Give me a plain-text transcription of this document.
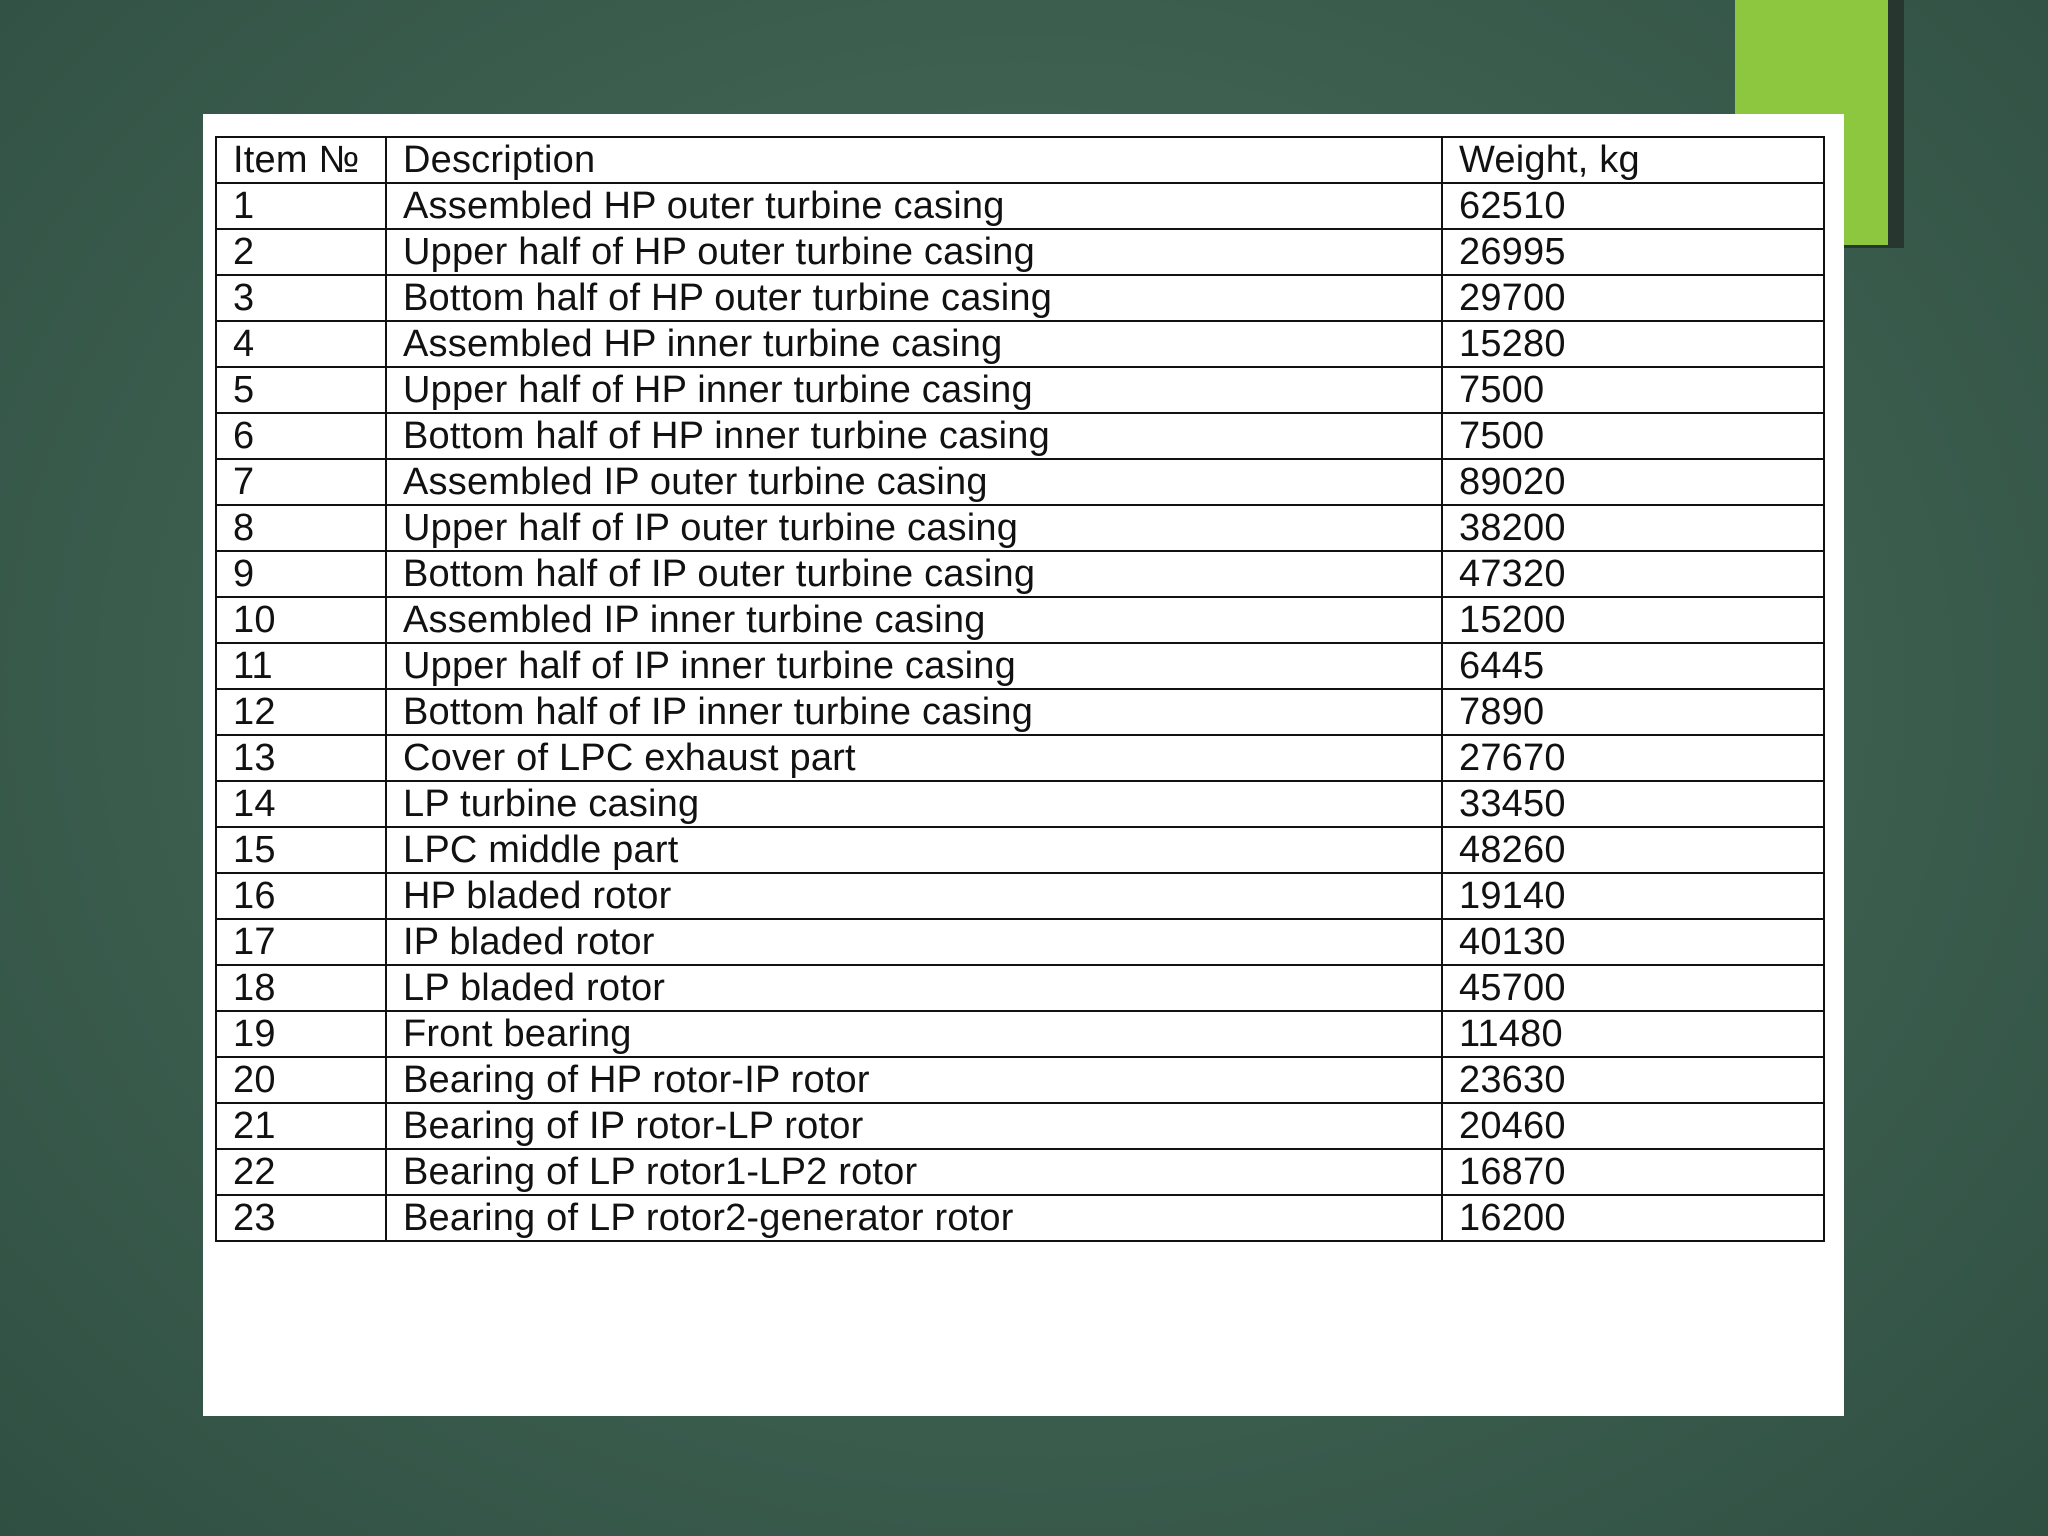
Item №	Description	Weight, kg
1	Assembled HP outer turbine casing	62510
2	Upper half of HP outer turbine casing	26995
3	Bottom half of HP outer turbine casing	29700
4	Assembled HP inner turbine casing	15280
5	Upper half of HP inner turbine casing	7500
6	Bottom half of HP inner turbine casing	7500
7	Assembled IP outer turbine casing	89020
8	Upper half of IP outer turbine casing	38200
9	Bottom half of IP outer turbine casing	47320
10	Assembled IP inner turbine casing	15200
11	Upper half of IP inner turbine casing	6445
12	Bottom half of IP inner turbine casing	7890
13	Cover of LPC exhaust part	27670
14	LP turbine casing	33450
15	LPC middle part	48260
16	HP bladed rotor	19140
17	IP bladed rotor	40130
18	LP bladed rotor	45700
19	Front bearing	11480
20	Bearing of HP rotor-IP rotor	23630
21	Bearing of IP rotor-LP rotor	20460
22	Bearing of LP rotor1-LP2 rotor	16870
23	Bearing of LP rotor2-generator rotor	16200
